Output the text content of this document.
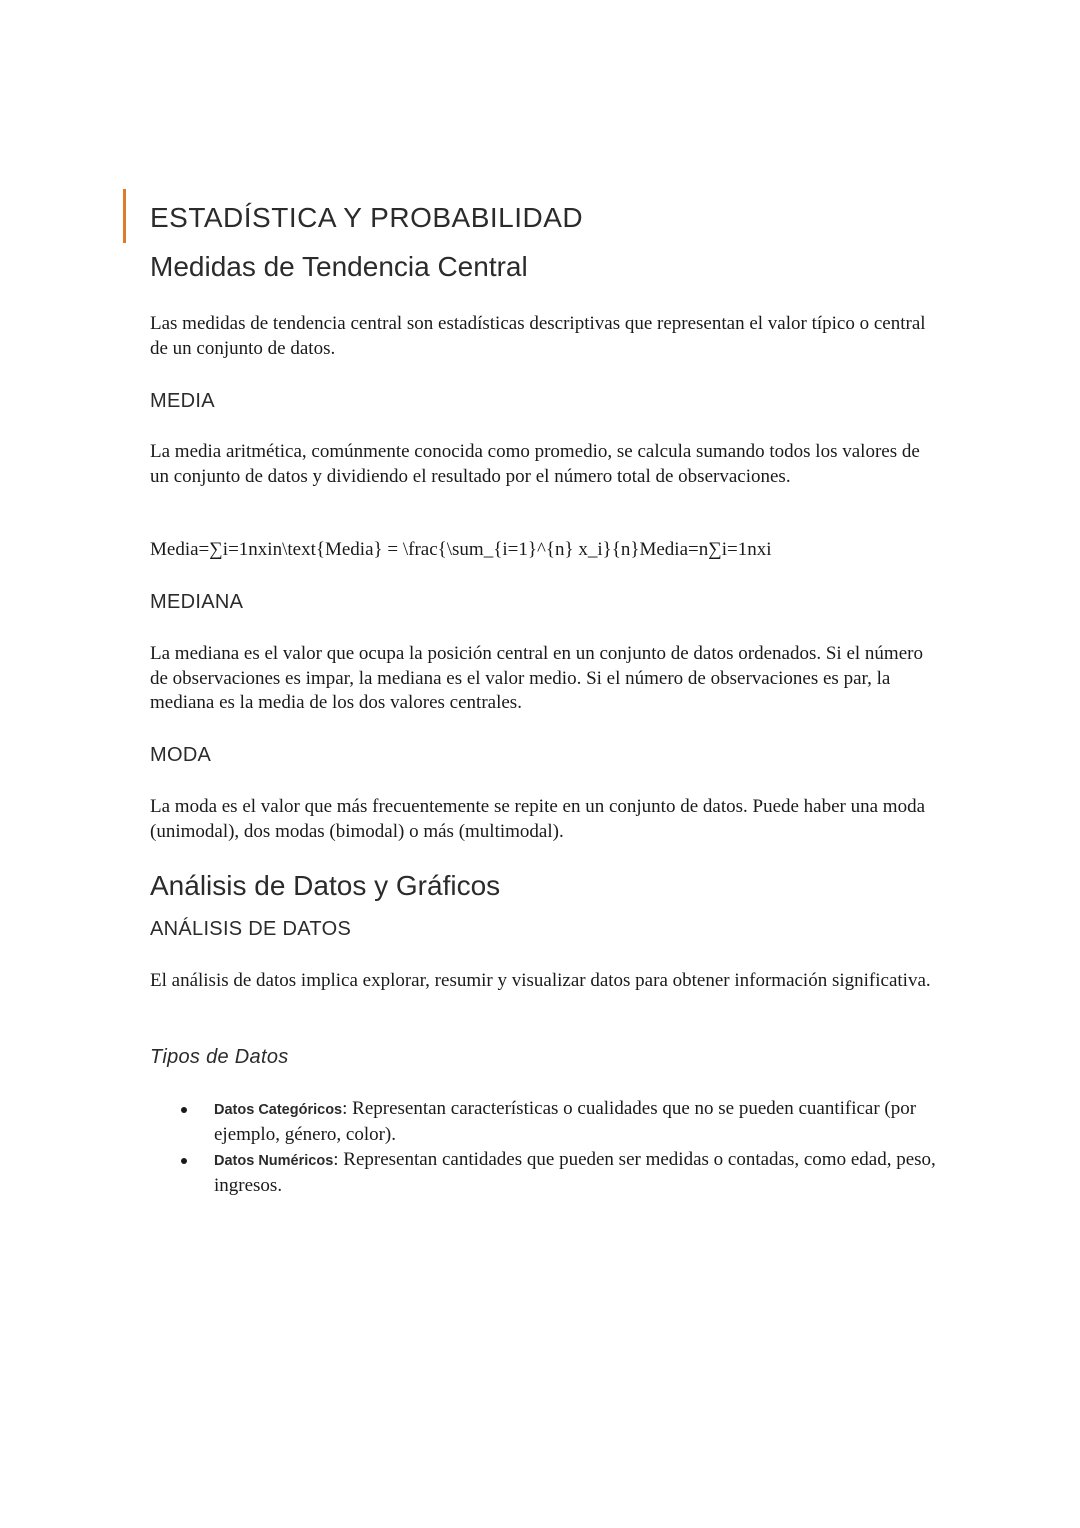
ESTADÍSTICA Y PROBABILIDAD
Medidas de Tendencia Central

Las medidas de tendencia central son estadísticas descriptivas que representan el valor típico o central de un conjunto de datos.

MEDIA

La media aritmética, comúnmente conocida como promedio, se calcula sumando todos los valores de un conjunto de datos y dividiendo el resultado por el número total de observaciones.

Media=∑i=1nxin\text{Media} = \frac{\sum_{i=1}^{n} x_i}{n}Media=n∑i=1nxi

MEDIANA

La mediana es el valor que ocupa la posición central en un conjunto de datos ordenados. Si el número de observaciones es impar, la mediana es el valor medio. Si el número de observaciones es par, la mediana es la media de los dos valores centrales.

MODA

La moda es el valor que más frecuentemente se repite en un conjunto de datos. Puede haber una moda (unimodal), dos modas (bimodal) o más (multimodal).

Análisis de Datos y Gráficos
ANÁLISIS DE DATOS

El análisis de datos implica explorar, resumir y visualizar datos para obtener información significativa.

Tipos de Datos
Datos Categóricos: Representan características o cualidades que no se pueden cuantificar (por ejemplo, género, color).
Datos Numéricos: Representan cantidades que pueden ser medidas o contadas, como edad, peso, ingresos.
